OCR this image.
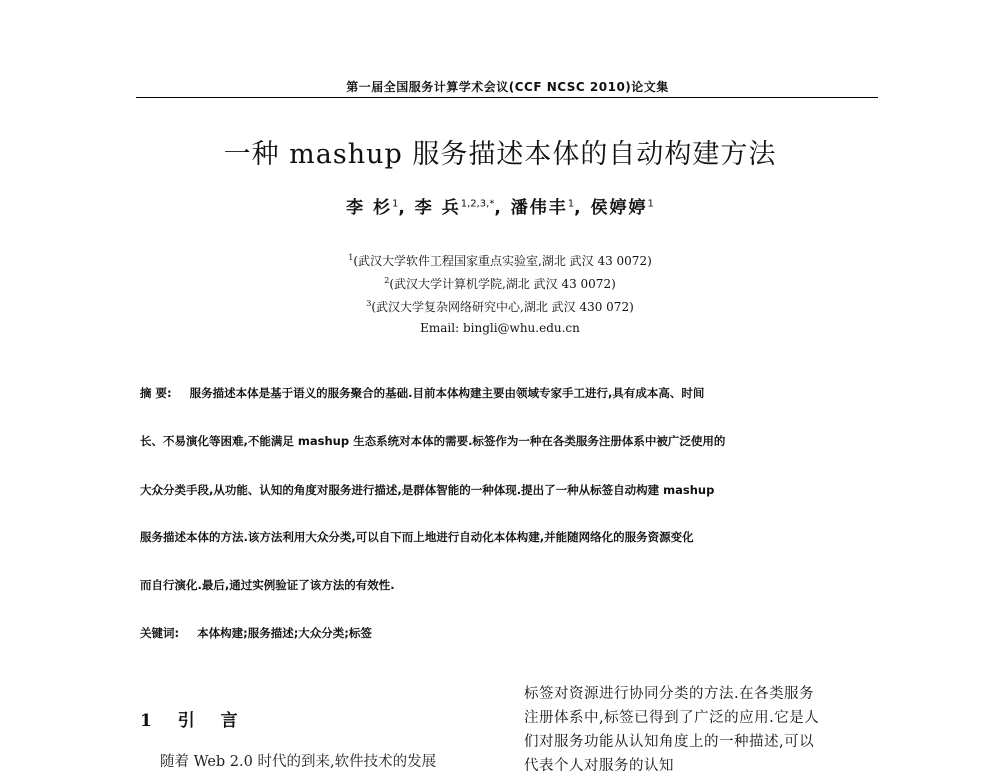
第一届全国服务计算学术会议(CCF NCSC 2010)论文集
一种 mashup 服务描述本体的自动构建方法
李 杉$^1$, 李 兵$^{1,2,3,*}$, 潘伟丰$^1$, 侯婷婷$^1$
$^1$(武汉大学软件工程国家重点实验室,湖北 武汉 43 0072)
$^2$(武汉大学计算机学院,湖北 武汉 43 0072)
$^3$(武汉大学复杂网络研究中心,湖北 武汉 430 072)
Email: bingli@whu.edu.cn
摘 要: 服务描述本体是基于语义的服务聚合的基础.目前本体构建主要由领域专家手工进行,具有成本高、时间
长、不易演化等困难,不能满足 mashup 生态系统对本体的需要.标签作为一种在各类服务注册体系中被广泛使用的
大众分类手段,从功能、认知的角度对服务进行描述,是群体智能的一种体现.提出了一种从标签自动构建 mashup
服务描述本体的方法.该方法利用大众分类,可以自下而上地进行自动化本体构建,并能随网络化的服务资源变化
而自行演化.最后,通过实例验证了该方法的有效性.
关键词: 本体构建;服务描述;大众分类;标签
1 引 言
标签对资源进行协同分类的方法.在各类服务
注册体系中,标签已得到了广泛的应用.它是人
们对服务功能从认知角度上的一种描述,可以
代表个人对服务的认知
随着 Web 2.0 时代的到来,软件技术的发展
